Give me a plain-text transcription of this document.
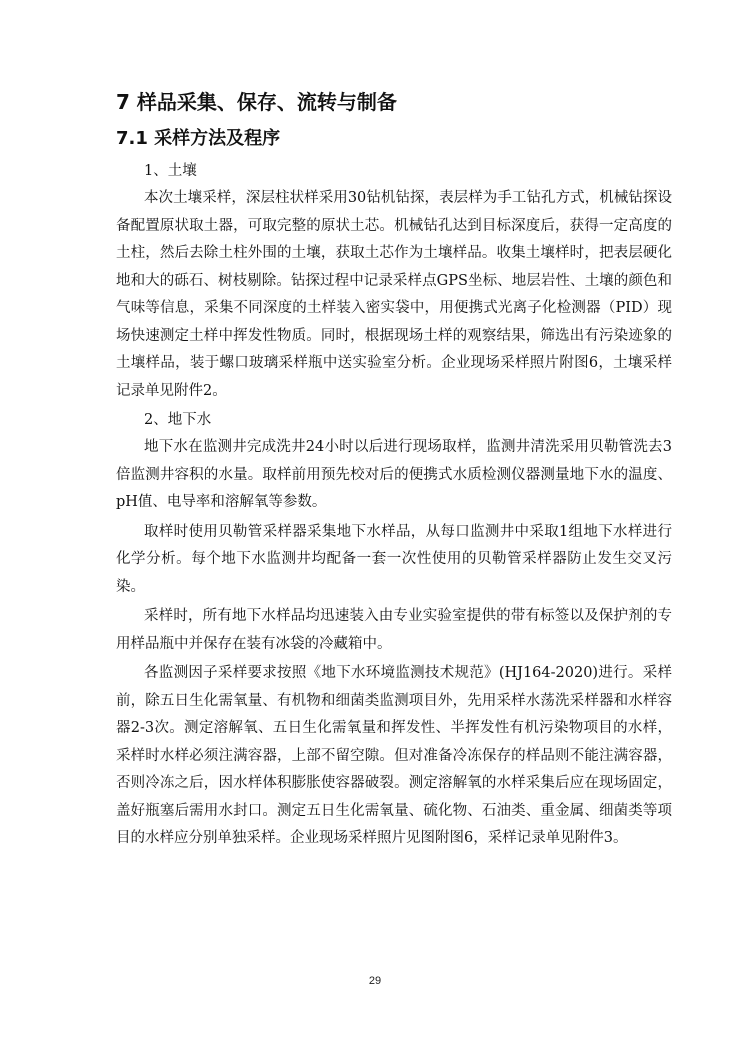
7 样品采集、保存、流转与制备
7.1 采样方法及程序
1、土壤

本次土壤采样，深层柱状样采用30钻机钻探，表层样为手工钻孔方式，机械钻探设备配置原状取土器，可取完整的原状土芯。机械钻孔达到目标深度后，获得一定高度的土柱，然后去除土柱外围的土壤，获取土芯作为土壤样品。收集土壤样时，把表层硬化地和大的砾石、树枝剔除。钻探过程中记录采样点GPS坐标、地层岩性、土壤的颜色和气味等信息，采集不同深度的土样装入密实袋中，用便携式光离子化检测器（PID）现场快速测定土样中挥发性物质。同时，根据现场土样的观察结果，筛选出有污染迹象的土壤样品，装于螺口玻璃采样瓶中送实验室分析。企业现场采样照片附图6，土壤采样记录单见附件2。

2、地下水

地下水在监测井完成洗井24小时以后进行现场取样，监测井清洗采用贝勒管洗去3倍监测井容积的水量。取样前用预先校对后的便携式水质检测仪器测量地下水的温度、pH值、电导率和溶解氧等参数。

取样时使用贝勒管采样器采集地下水样品，从每口监测井中采取1组地下水样进行化学分析。每个地下水监测井均配备一套一次性使用的贝勒管采样器防止发生交叉污染。

采样时，所有地下水样品均迅速装入由专业实验室提供的带有标签以及保护剂的专用样品瓶中并保存在装有冰袋的冷藏箱中。

各监测因子采样要求按照《地下水环境监测技术规范》(HJ164-2020)进行。采样前，除五日生化需氧量、有机物和细菌类监测项目外，先用采样水荡洗采样器和水样容器2-3次。测定溶解氧、五日生化需氧量和挥发性、半挥发性有机污染物项目的水样，采样时水样必须注满容器，上部不留空隙。但对准备冷冻保存的样品则不能注满容器，否则冷冻之后，因水样体积膨胀使容器破裂。测定溶解氧的水样采集后应在现场固定，盖好瓶塞后需用水封口。测定五日生化需氧量、硫化物、石油类、重金属、细菌类等项目的水样应分别单独采样。企业现场采样照片见图附图6，采样记录单见附件3。

29
